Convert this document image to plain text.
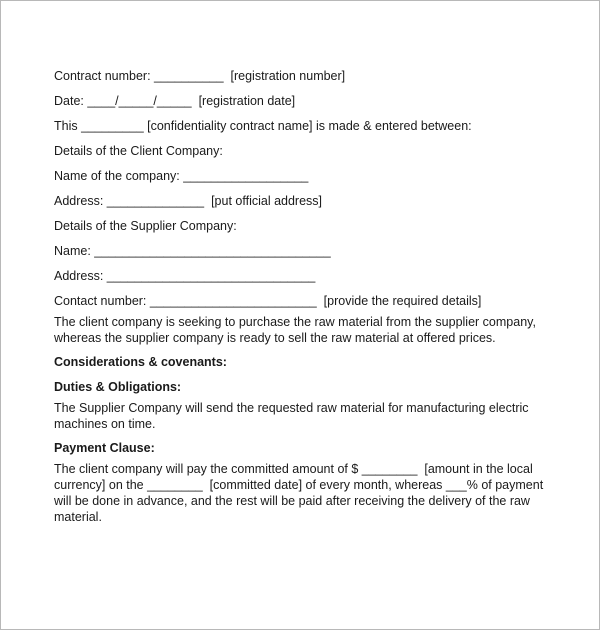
Contract number: __________  [registration number]
Date: ____/_____/_____  [registration date]
This _________ [confidentiality contract name] is made & entered between:
Details of the Client Company:
Name of the company: __________________
Address: ______________  [put official address]
Details of the Supplier Company:
Name: __________________________________
Address: ______________________________
Contact number: ________________________  [provide the required details]
The client company is seeking to purchase the raw material from the supplier company, whereas the supplier company is ready to sell the raw material at offered prices.
Considerations & covenants:
Duties & Obligations:
The Supplier Company will send the requested raw material for manufacturing electric machines on time.
Payment Clause:
The client company will pay the committed amount of $ ________  [amount in the local currency] on the ________  [committed date] of every month, whereas ___% of payment will be done in advance, and the rest will be paid after receiving the delivery of the raw material.
